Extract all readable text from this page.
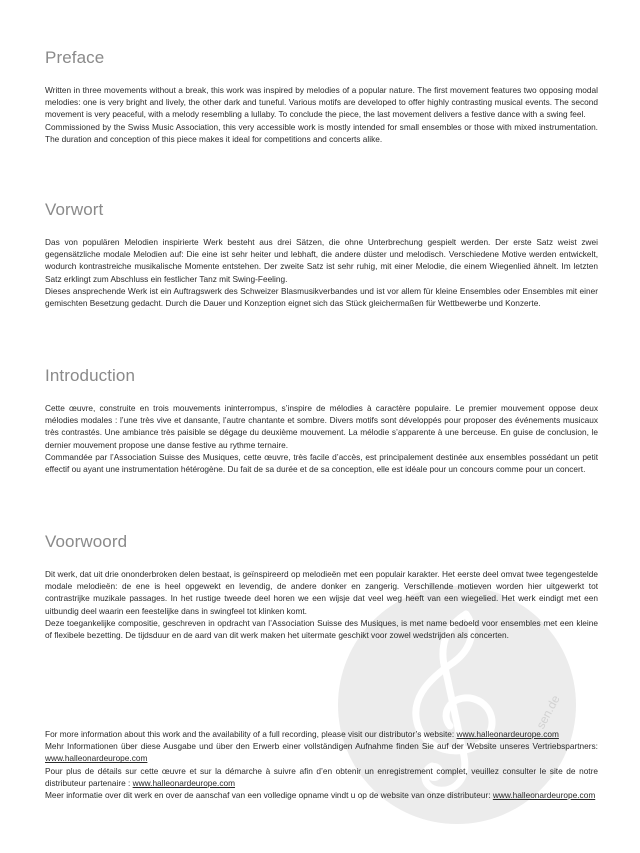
sen.de
Preface

Written in three movements without a break, this work was inspired by melodies of a popular nature. The first movement features two opposing modal melodies: one is very bright and lively, the other dark and tuneful. Various motifs are developed to offer highly contrasting musical events. The second movement is very peaceful, with a melody resembling a lullaby. To conclude the piece, the last movement delivers a festive dance with a swing feel.

Commissioned by the Swiss Music Association, this very accessible work is mostly intended for small ensembles or those with mixed instrumentation. The duration and conception of this piece makes it ideal for competitions and concerts alike.

Vorwort

Das von populären Melodien inspirierte Werk besteht aus drei Sätzen, die ohne Unterbrechung gespielt werden. Der erste Satz weist zwei gegensätzliche modale Melodien auf: Die eine ist sehr heiter und lebhaft, die andere düster und melodisch. Verschiedene Motive werden entwickelt, wodurch kontrastreiche musikalische Momente entstehen. Der zweite Satz ist sehr ruhig, mit einer Melodie, die einem Wiegenlied ähnelt. Im letzten Satz erklingt zum Abschluss ein festlicher Tanz mit Swing-Feeling.

Dieses ansprechende Werk ist ein Auftragswerk des Schweizer Blasmusikverbandes und ist vor allem für kleine Ensembles oder Ensembles mit einer gemischten Besetzung gedacht. Durch die Dauer und Konzeption eignet sich das Stück gleichermaßen für Wettbewerbe und Konzerte.

Introduction

Cette œuvre, construite en trois mouvements ininterrompus, s’inspire de mélodies à caractère populaire. Le premier mouvement oppose deux mélodies modales : l’une très vive et dansante, l’autre chantante et sombre. Divers motifs sont développés pour proposer des événements musicaux très contrastés. Une ambiance très paisible se dégage du deuxième mouvement. La mélodie s’apparente à une berceuse. En guise de conclusion, le dernier mouvement propose une danse festive au rythme ternaire.

Commandée par l’Association Suisse des Musiques, cette œuvre, très facile d’accès, est principalement destinée aux ensembles possédant un petit effectif ou ayant une instrumentation hétérogène. Du fait de sa durée et de sa conception, elle est idéale pour un concours comme pour un concert.

Voorwoord

Dit werk, dat uit drie ononderbroken delen bestaat, is geïnspireerd op melodieën met een populair karakter. Het eerste deel omvat twee tegengestelde modale melodieën: de ene is heel opgewekt en levendig, de andere donker en zangerig. Verschillende motieven worden hier uitgewerkt tot contrastrijke muzikale passages. In het rustige tweede deel horen we een wijsje dat veel weg heeft van een wiegelied. Het werk eindigt met een uitbundig deel waarin een feestelijke dans in swingfeel tot klinken komt.

Deze toegankelijke compositie, geschreven in opdracht van l’Association Suisse des Musiques, is met name bedoeld voor ensembles met een kleine of flexibele bezetting. De tijdsduur en de aard van dit werk maken het uitermate geschikt voor zowel wedstrijden als concerten.

For more information about this work and the availability of a full recording, please visit our distributor’s website: www.halleonardeurope.com

Mehr Informationen über diese Ausgabe und über den Erwerb einer vollständigen Aufnahme finden Sie auf der Website unseres Vertriebspartners: www.halleonardeurope.com

Pour plus de détails sur cette œuvre et sur la démarche à suivre afin d’en obtenir un enregistrement complet, veuillez consulter le site de notre distributeur partenaire : www.halleonardeurope.com

Meer informatie over dit werk en over de aanschaf van een volledige opname vindt u op de website van onze distributeur: www.halleonardeurope.com
